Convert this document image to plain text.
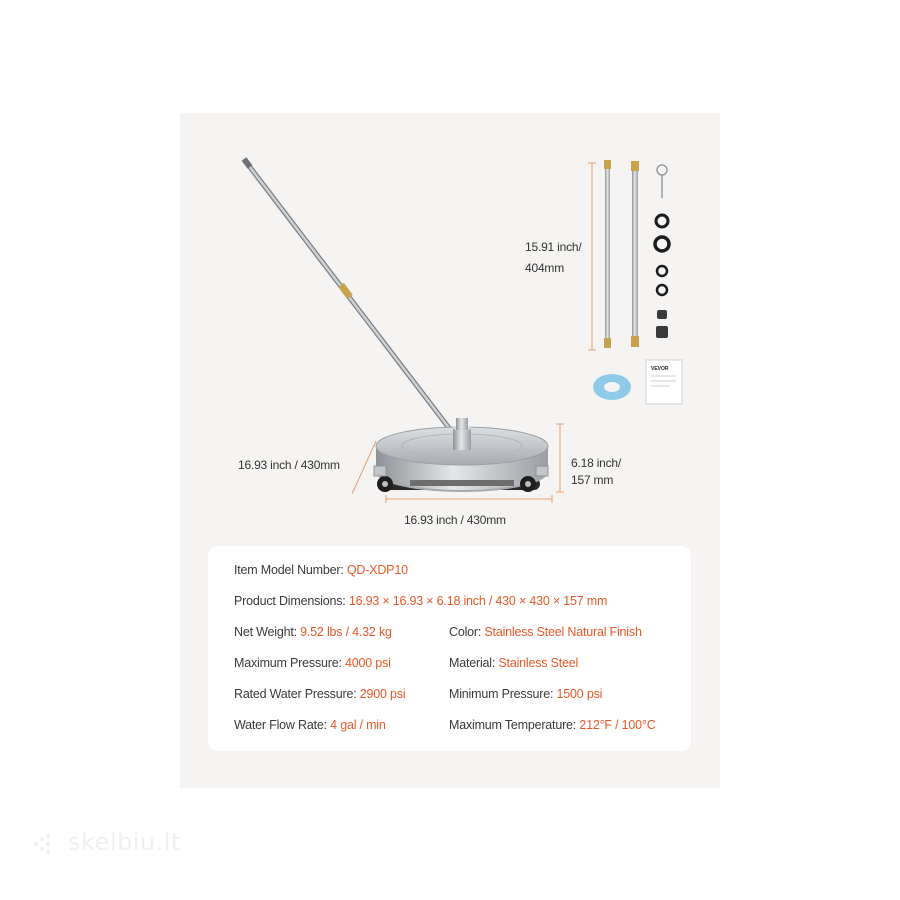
VEVOR
15.91 inch/
404mm
16.93 inch / 430mm
16.93 inch / 430mm
6.18 inch/
157 mm
Item Model Number: QD-XDP10
Product Dimensions: 16.93 × 16.93 × 6.18 inch / 430 × 430 × 157 mm
Net Weight: 9.52 lbs / 4.32 kg	Color: Stainless Steel Natural Finish
Maximum Pressure: 4000 psi	Material: Stainless Steel
Rated Water Pressure: 2900 psi	Minimum Pressure: 1500 psi
Water Flow Rate: 4 gal / min	Maximum Temperature: 212°F / 100°C
skelbiu.lt
